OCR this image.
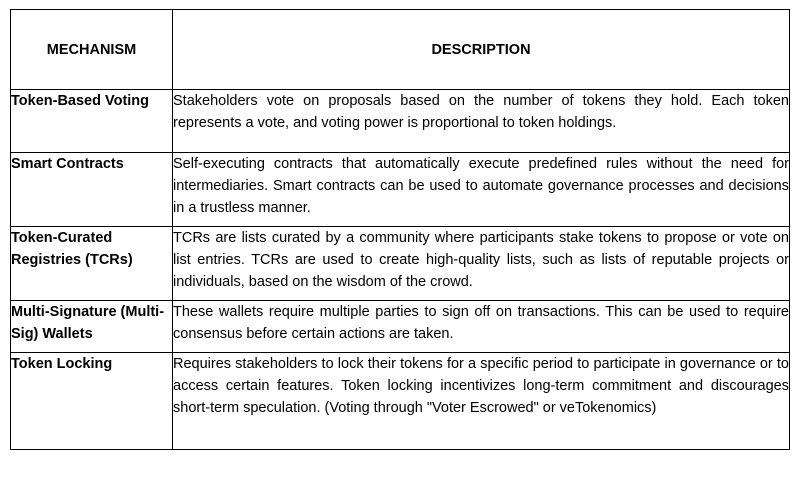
MECHANISM	DESCRIPTION
Token-Based Voting	Stakeholders vote on proposals based on the number of tokens they hold. Each token represents a vote, and voting power is proportional to token holdings.
Smart Contracts	Self-executing contracts that automatically execute predefined rules without the need for intermediaries. Smart contracts can be used to automate governance processes and decisions in a trustless manner.
Token-Curated Registries (TCRs)	TCRs are lists curated by a community where participants stake tokens to propose or vote on list entries. TCRs are used to create high-quality lists, such as lists of reputable projects or individuals, based on the wisdom of the crowd.
Multi-Signature (Multi-Sig) Wallets	These wallets require multiple parties to sign off on transactions. This can be used to require consensus before certain actions are taken.
Token Locking	Requires stakeholders to lock their tokens for a specific period to participate in governance or to access certain features. Token locking incentivizes long-term commitment and discourages short-term speculation. (Voting through "Voter Escrowed" or veTokenomics)
